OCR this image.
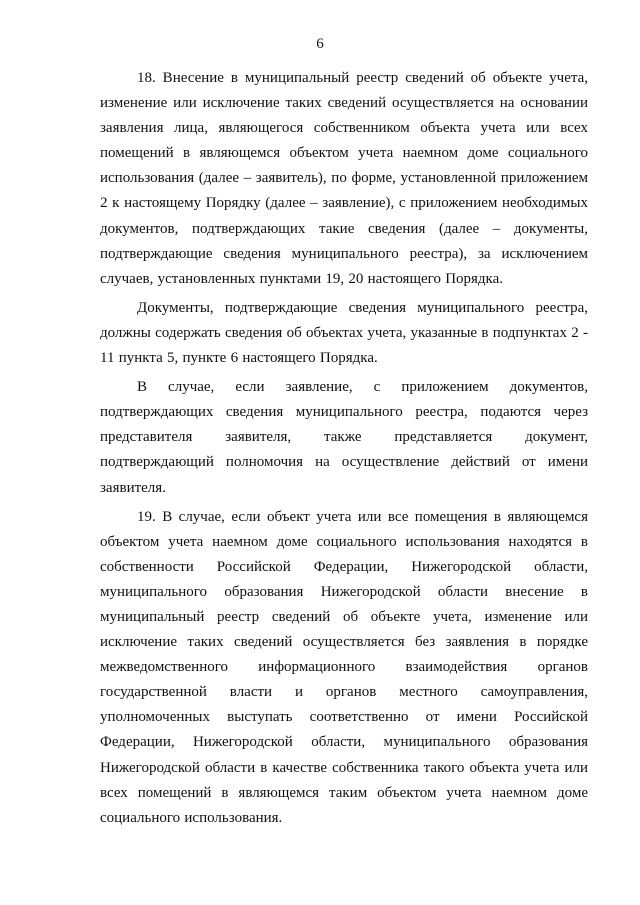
6

18. Внесение в муниципальный реестр сведений об объекте учета, изменение или исключение таких сведений осуществляется на основании заявления лица, являющегося собственником объекта учета или всех помещений в являющемся объектом учета наемном доме социального использования (далее – заявитель), по форме, установленной приложением 2 к настоящему Порядку (далее – заявление), с приложением необходимых документов, подтверждающих такие сведения (далее – документы, подтверждающие сведения муниципального реестра), за исключением случаев, установленных пунктами 19, 20 настоящего Порядка.

Документы, подтверждающие сведения муниципального реестра, должны содержать сведения об объектах учета, указанные в подпунктах 2 - 11 пункта 5, пункте 6 настоящего Порядка.

В случае, если заявление, с приложением документов, подтверждающих сведения муниципального реестра, подаются через представителя заявителя, также представляется документ, подтверждающий полномочия на осуществление действий от имени заявителя.

19. В случае, если объект учета или все помещения в являющемся объектом учета наемном доме социального использования находятся в собственности Российской Федерации, Нижегородской области, муниципального образования Нижегородской области внесение в муниципальный реестр сведений об объекте учета, изменение или исключение таких сведений осуществляется без заявления в порядке межведомственного информационного взаимодействия органов государственной власти и органов местного самоуправления, уполномоченных выступать соответственно от имени Российской Федерации, Нижегородской области, муниципального образования Нижегородской области в качестве собственника такого объекта учета или всех помещений в являющемся таким объектом учета наемном доме социального использования.
